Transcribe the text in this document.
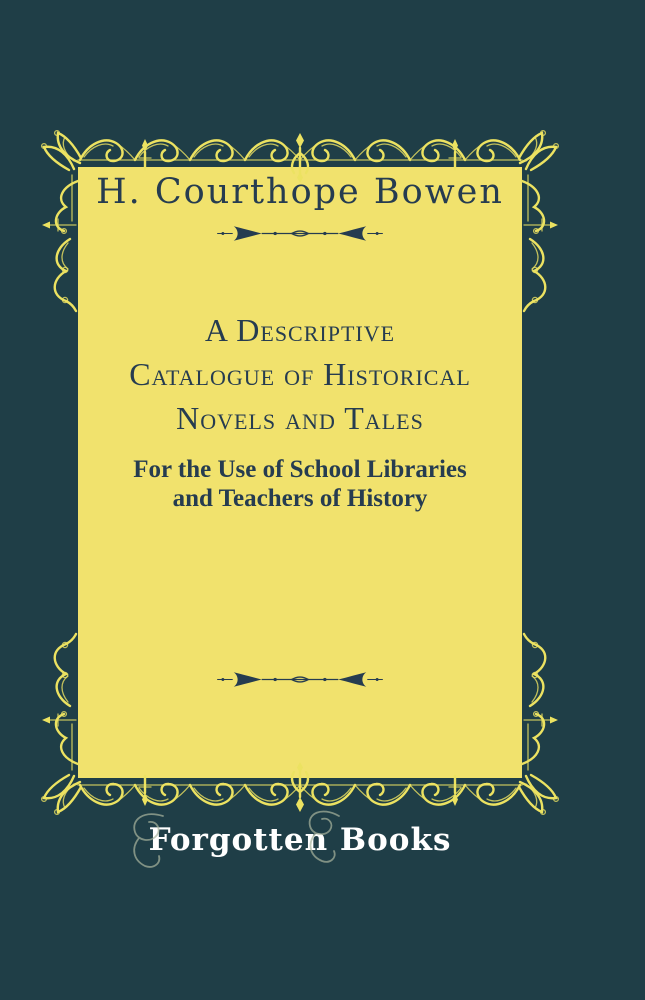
H. Courthope Bowen
A Descriptive
Catalogue of Historical
Novels and Tales
For the Use of School Libraries
and Teachers of History
Forgotten Books
